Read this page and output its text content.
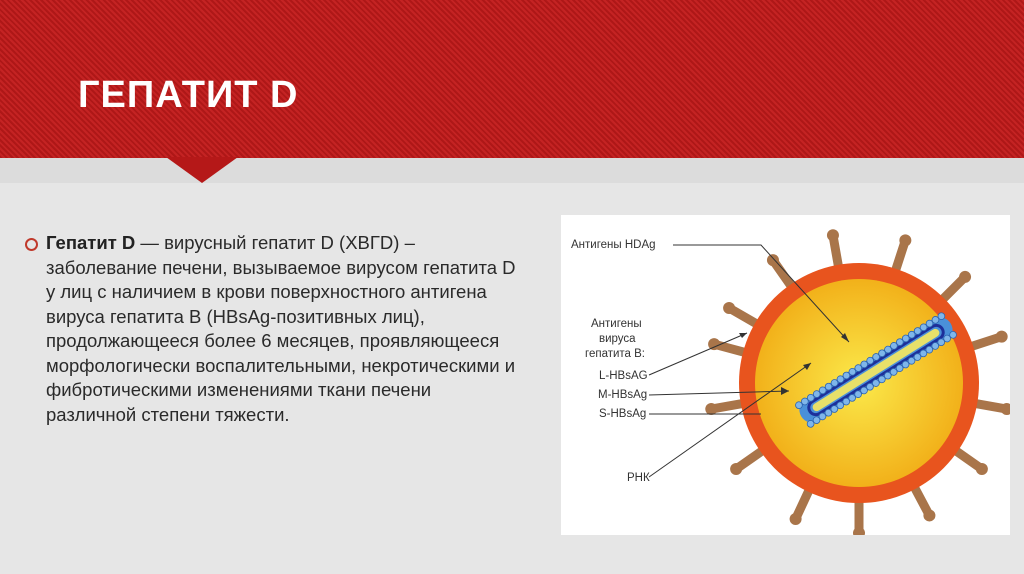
ГЕПАТИТ D

Гепатит D — вирусный гепатит D (ХВГD) – заболевание печени, вызываемое вирусом гепатита D у лиц с наличием в крови поверхностного антигена вируса гепатита B (HBsAg-позитивных лиц), продолжающееся более 6 месяцев, проявляющееся морфологически воспалительными, некротическими и фибротическими изменениями ткани печени различной степени тяжести.

Антигены HDAg
Антигены
вируса
гепатита В:
L-HBsAG
M-HBsAg
S-HBsAg
РНК
